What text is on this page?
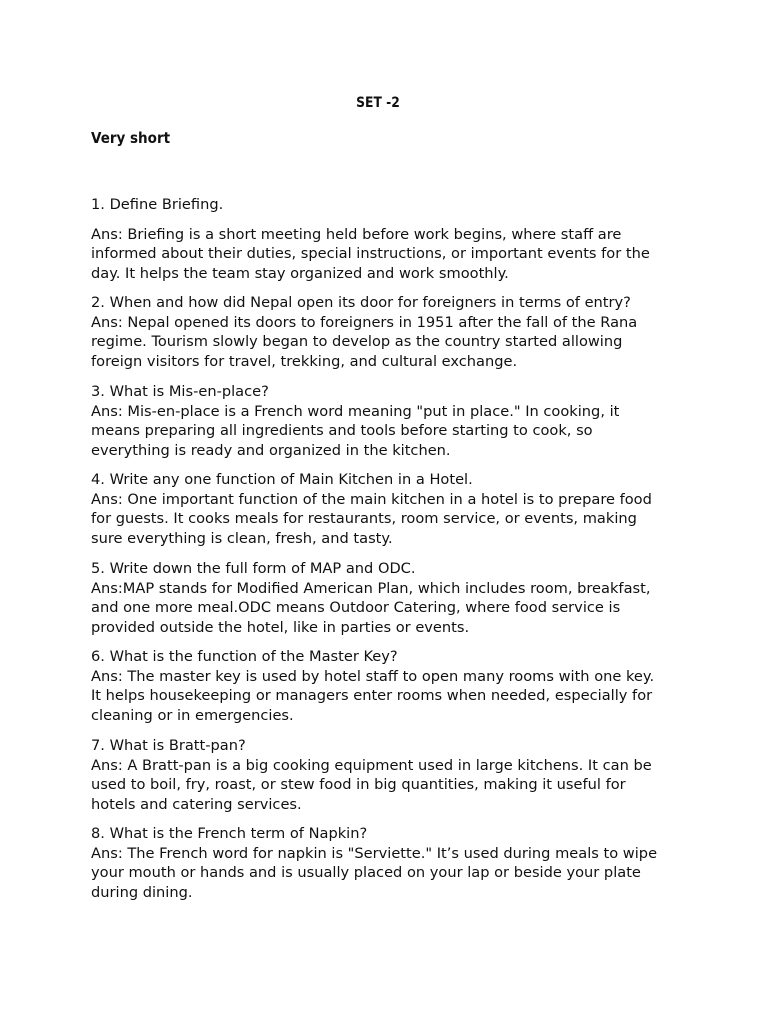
SET -2
Very short
1. Define Briefing.
Ans: Briefing is a short meeting held before work begins, where staff are
informed about their duties, special instructions, or important events for the
day. It helps the team stay organized and work smoothly.
2. When and how did Nepal open its door for foreigners in terms of entry?
Ans: Nepal opened its doors to foreigners in 1951 after the fall of the Rana
regime. Tourism slowly began to develop as the country started allowing
foreign visitors for travel, trekking, and cultural exchange.
3. What is Mis-en-place?
Ans: Mis-en-place is a French word meaning "put in place." In cooking, it
means preparing all ingredients and tools before starting to cook, so
everything is ready and organized in the kitchen.
4. Write any one function of Main Kitchen in a Hotel.
Ans: One important function of the main kitchen in a hotel is to prepare food
for guests. It cooks meals for restaurants, room service, or events, making
sure everything is clean, fresh, and tasty.
5. Write down the full form of MAP and ODC.
Ans:MAP stands for Modified American Plan, which includes room, breakfast,
and one more meal.ODC means Outdoor Catering, where food service is
provided outside the hotel, like in parties or events.
6. What is the function of the Master Key?
Ans: The master key is used by hotel staff to open many rooms with one key.
It helps housekeeping or managers enter rooms when needed, especially for
cleaning or in emergencies.
7. What is Bratt-pan?
Ans: A Bratt-pan is a big cooking equipment used in large kitchens. It can be
used to boil, fry, roast, or stew food in big quantities, making it useful for
hotels and catering services.
8. What is the French term of Napkin?
Ans: The French word for napkin is "Serviette." It’s used during meals to wipe
your mouth or hands and is usually placed on your lap or beside your plate
during dining.
